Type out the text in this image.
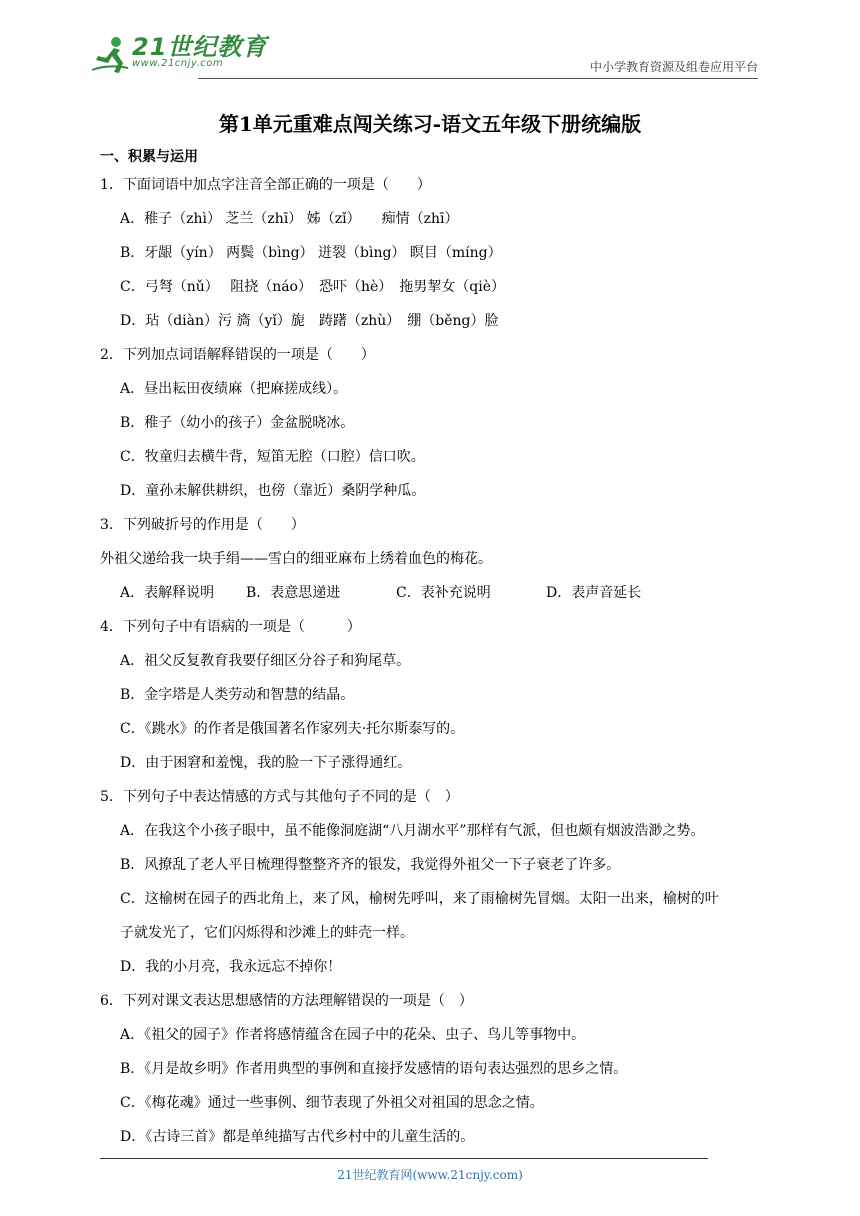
21世纪教育
www.21cnjy.com	中小学教育资源及组卷应用平台
第1单元重难点闯关练习-语文五年级下册统编版
一、积累与运用
1．下面词语中加点字注音全部正确的一项是（　　）
A．稚子（zhì） 芝兰（zhī） 姊（zǐ）　　痴情（zhī）
B．牙龈（yín） 两鬓（bìng） 迸裂（bìng） 瞑目（míng）
C．弓弩（nǔ）　 阻挠（náo）　恐吓（hè）　拖男挈女（qiè）
D．玷（diàn）污 旖（yǐ）旎　踌躇（zhù）　绷（běng）脸
2．下列加点词语解释错误的一项是（　　）
A．昼出耘田夜绩麻（把麻搓成线）。
B．稚子（幼小的孩子）金盆脱晓冰。
C．牧童归去横牛背，短笛无腔（口腔）信口吹。
D．童孙未解供耕织，也傍（靠近）桑阴学种瓜。
3．下列破折号的作用是（　　）
外祖父递给我一块手绢——雪白的细亚麻布上绣着血色的梅花。
A．表解释说明	B．表意思递进	C．表补充说明	D．表声音延长
4．下列句子中有语病的一项是（　　　）
A．祖父反复教育我要仔细区分谷子和狗尾草。
B．金字塔是人类劳动和智慧的结晶。
C．《跳水》的作者是俄国著名作家列夫·托尔斯泰写的。
D．由于困窘和羞愧，我的脸一下子涨得通红。
5．下列句子中表达情感的方式与其他句子不同的是（　）
A．在我这个小孩子眼中，虽不能像洞庭湖“八月湖水平”那样有气派，但也颇有烟波浩渺之势。
B．风撩乱了老人平日梳理得整整齐齐的银发，我觉得外祖父一下子衰老了许多。
C．这榆树在园子的西北角上，来了风，榆树先呼叫，来了雨榆树先冒烟。太阳一出来，榆树的叶
子就发光了，它们闪烁得和沙滩上的蚌壳一样。
D．我的小月亮，我永远忘不掉你！
6．下列对课文表达思想感情的方法理解错误的一项是（　）
A．《祖父的园子》作者将感情蕴含在园子中的花朵、虫子、鸟儿等事物中。
B．《月是故乡明》作者用典型的事例和直接抒发感情的语句表达强烈的思乡之情。
C．《梅花魂》通过一些事例、细节表现了外祖父对祖国的思念之情。
D．《古诗三首》都是单纯描写古代乡村中的儿童生活的。
21世纪教育网(www.21cnjy.com)
